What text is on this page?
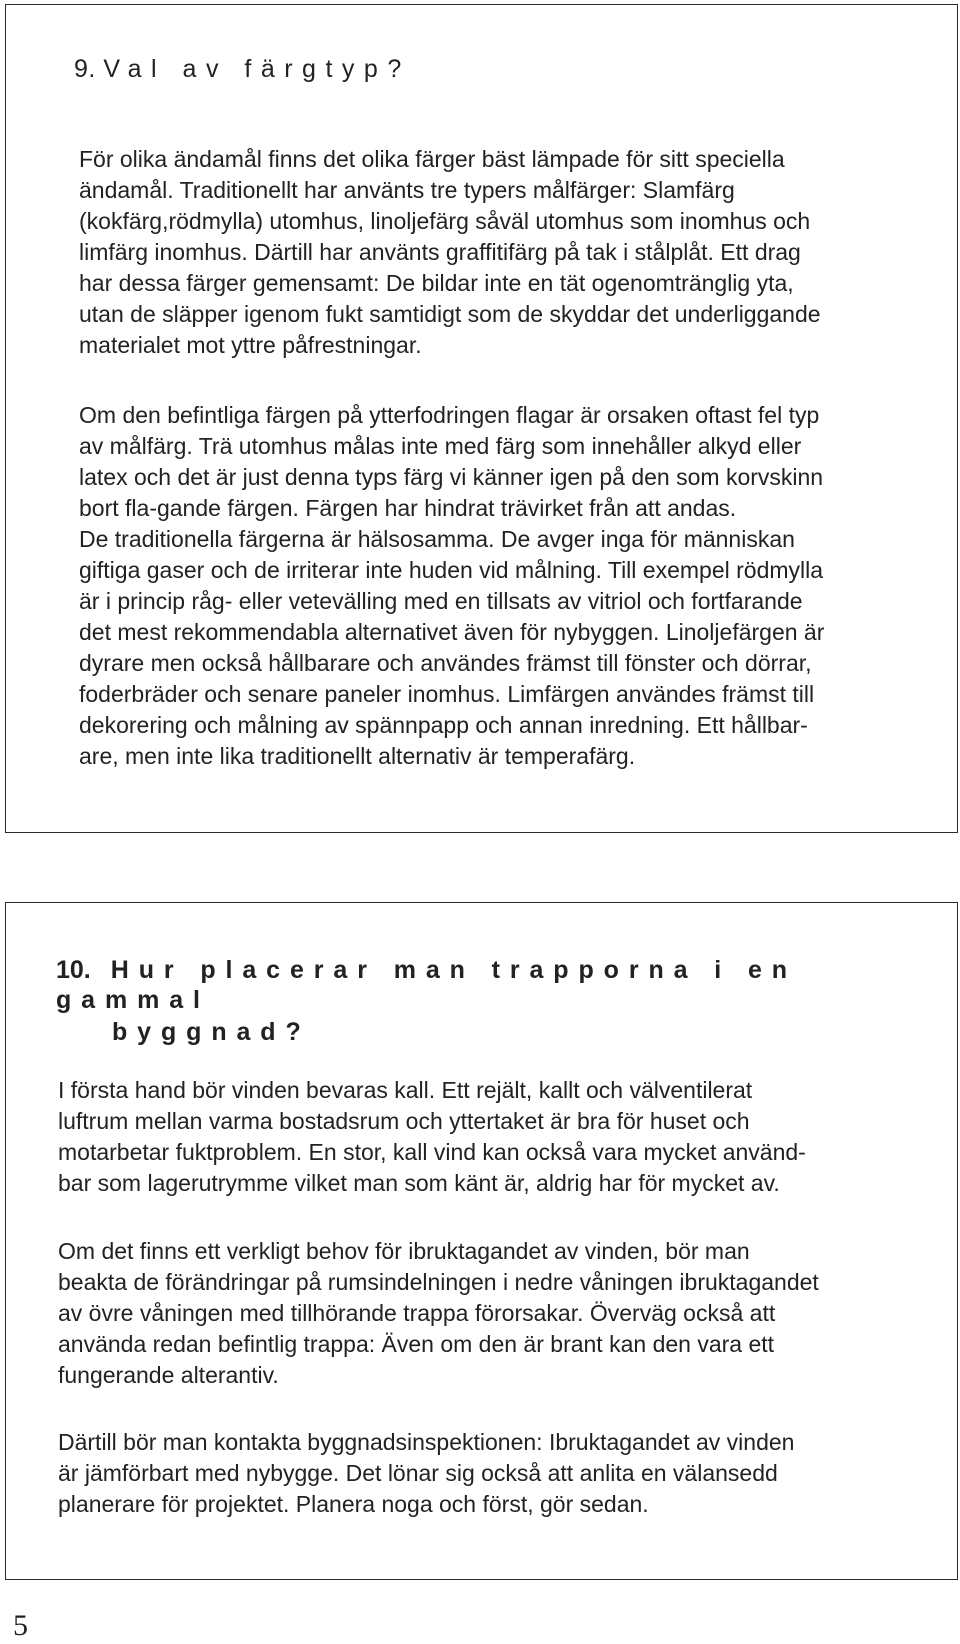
9. Val av färgtyp?

För olika ändamål finns det olika färger bäst lämpade för sitt speciella
ändamål. Traditionellt har använts tre typers målfärger: Slamfärg
(kokfärg,rödmylla) utomhus, linoljefärg såväl utomhus som inomhus och
limfärg inomhus. Därtill har använts graffitifärg på tak i stålplåt. Ett drag
har dessa färger gemensamt: De bildar inte en tät ogenomtränglig yta,
utan de släpper igenom fukt samtidigt som de skyddar det underliggande
materialet mot yttre påfrestningar.

Om den befintliga färgen på ytterfodringen flagar är orsaken oftast fel typ
av målfärg. Trä utomhus målas inte med färg som innehåller alkyd eller
latex och det är just denna typs färg vi känner igen på den som korvskinn
bort fla-gande färgen. Färgen har hindrat trävirket från att andas.
De traditionella färgerna är hälsosamma. De avger inga för människan
giftiga gaser och de irriterar inte huden vid målning. Till exempel rödmylla
är i princip råg- eller vetevälling med en tillsats av vitriol och fortfarande
det mest rekommendabla alternativet även för nybyggen. Linoljefärgen är
dyrare men också hållbarare och användes främst till fönster och dörrar,
foderbräder och senare paneler inomhus. Limfärgen användes främst till
dekorering och målning av spännpapp och annan inredning. Ett hållbar-
are, men inte lika traditionellt alternativ är temperafärg.

10. Hur placerar man trapporna i en gammal
byggnad?

I första hand bör vinden bevaras kall. Ett rejält, kallt och välventilerat
luftrum mellan varma bostadsrum och yttertaket är bra för huset och
motarbetar fuktproblem. En stor, kall vind kan också vara mycket använd-
bar som lagerutrymme vilket man som känt är, aldrig har för mycket av.

Om det finns ett verkligt behov för ibruktagandet av vinden, bör man
beakta de förändringar på rumsindelningen i nedre våningen ibruktagandet
av övre våningen med tillhörande trappa förorsakar. Överväg också att
använda redan befintlig trappa: Även om den är brant kan den vara ett
fungerande alterantiv.

Därtill bör man kontakta byggnadsinspektionen: Ibruktagandet av vinden
är jämförbart med nybygge. Det lönar sig också att anlita en välansedd
planerare för projektet. Planera noga och först, gör sedan.

5
